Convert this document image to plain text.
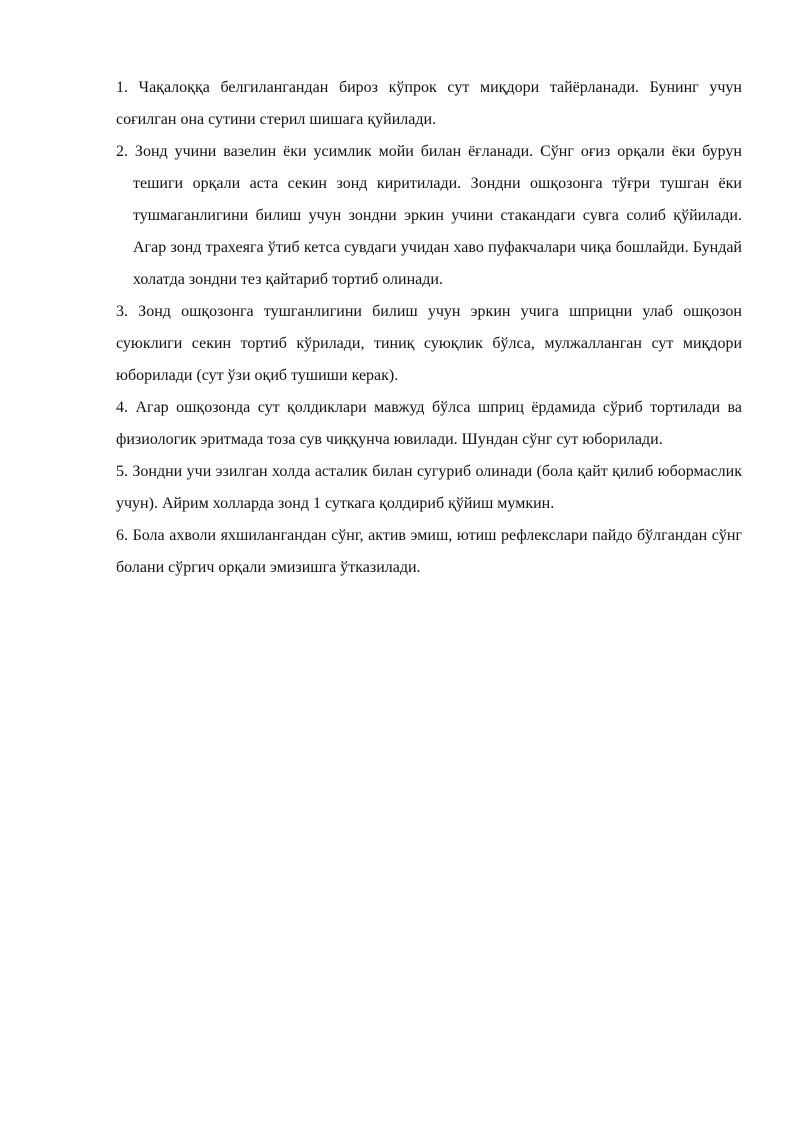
1. Чақалоққа белгилангандан бироз кўпрок сут миқдори тайёрланади. Бунинг учун соғилган она сутини стерил шишага қуйилади.

2. Зонд учини вазелин ёки усимлик мойи билан ёғланади. Сўнг оғиз орқали ёки бурун тешиги орқали аста секин зонд киритилади. Зондни ошқозонга тўғри тушган ёки тушмаганлигини билиш учун зондни эркин учини стакандаги сувга солиб қўйилади. Агар зонд трахеяга ўтиб кетса сувдаги учидан хаво пуфакчалари чиқа бошлайди. Бундай холатда зондни тез қайтариб тортиб олинади.

3. Зонд ошқозонга тушганлигини билиш учун эркин учига шприцни улаб ошқозон суюклиги секин тортиб кўрилади, тиниқ суюқлик бўлса, мулжалланган сут миқдори юборилади (сут ўзи оқиб тушиши керак).

4. Агар ошқозонда сут қолдиклари мавжуд бўлса шприц ёрдамида сўриб тортилади ва физиологик эритмада тоза сув чиққунча ювилади. Шундан сўнг сут юборилади.

5. Зондни учи эзилган холда асталик билан сугуриб олинади (бола қайт қилиб юбормаслик учун). Айрим холларда зонд 1 суткага қолдириб қўйиш мумкин.

6. Бола ахволи яхшилангандан сўнг, актив эмиш, ютиш рефлекслари пайдо бўлгандан сўнг болани сўргич орқали эмизишга ўтказилади.
